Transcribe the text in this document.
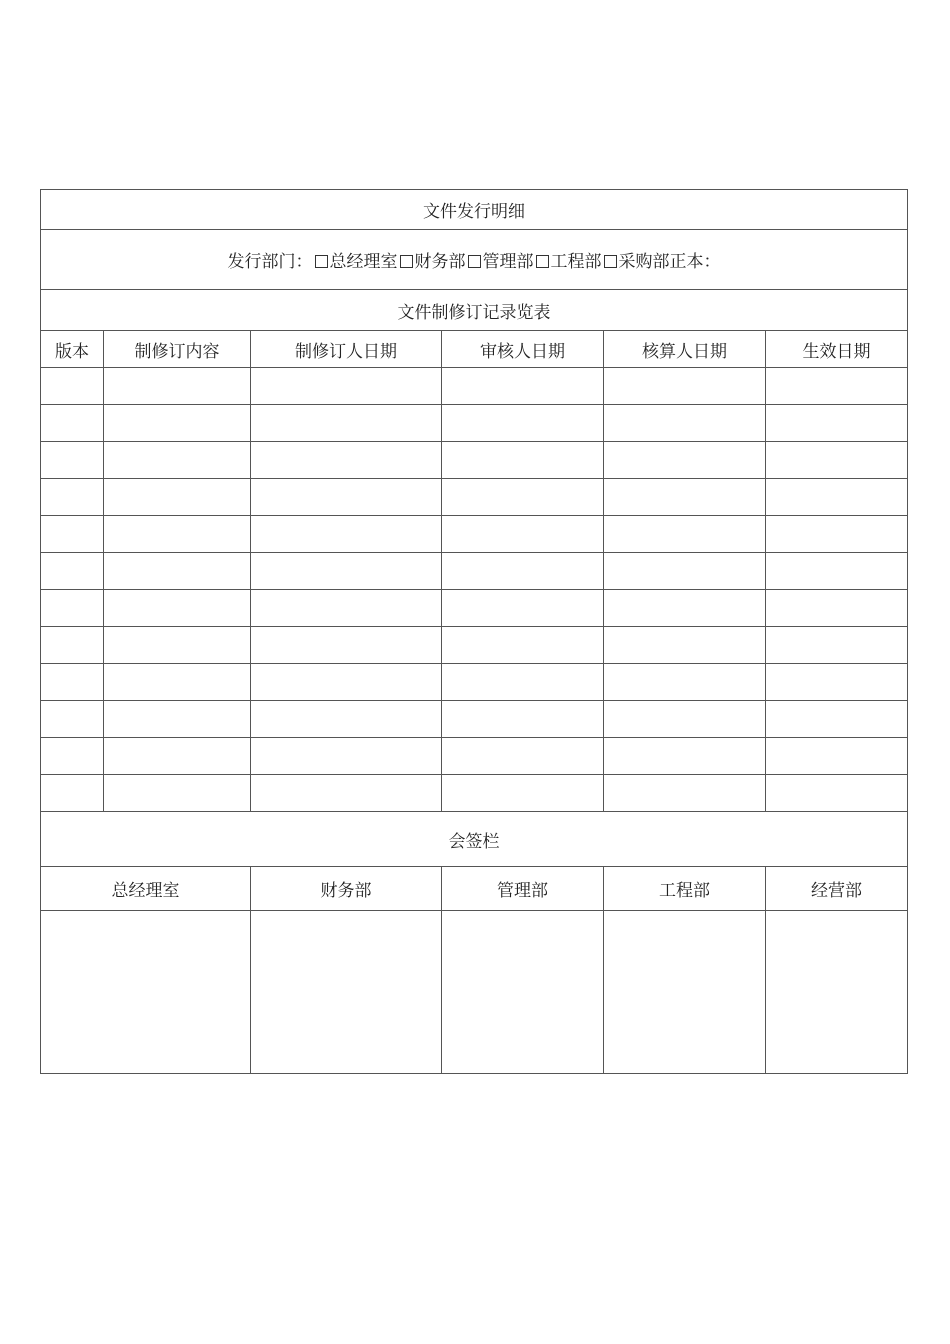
文件发行明细					
发行部门： 总经理室 财务部 管理部 工程部 采购部正本：					
文件制修订记录览表					
版本	制修订内容	制修订人日期	审核人日期	核算人日期	生效日期

会签栏					
总经理室		财务部	管理部	工程部	经营部
